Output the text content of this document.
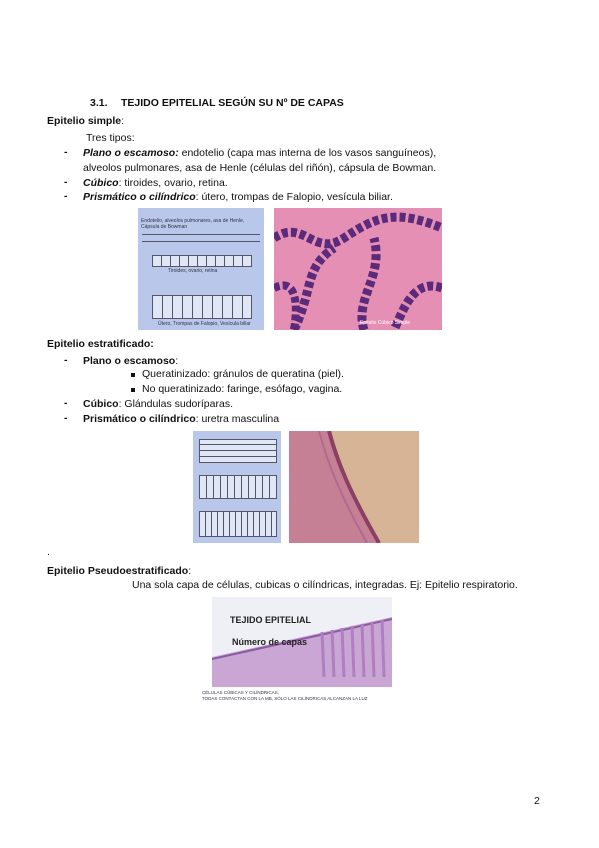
3.1. TEJIDO EPITELIAL SEGÚN SU Nº DE CAPAS
Epitelio simple:
Tres tipos:
- Plano o escamoso: endotelio (capa mas interna de los vasos sanguíneos),
alveolos pulmonares, asa de Henle (células del riñón), cápsula de Bowman.
- Cúbico: tiroides, ovario, retina.
- Prismático o cilíndrico: útero, trompas de Falopio, vesícula biliar.
Endotelio, alveolos pulmonares, asa de Henle, Cápsula de Bowman
Tiroides, ovario, retina
Útero, Trompas de Falopio, Vesícula biliar	Epitelio Cúbico Simple
Epitelio estratificado:
- Plano o escamoso:
Queratinizado: gránulos de queratina (piel).
No queratinizado: faringe, esófago, vagina.
- Cúbico: Glándulas sudoríparas.
- Prismático o cilíndrico: uretra masculina
.
Epitelio Pseudoestratificado:
Una sola capa de células, cubicas o cilíndricas, integradas. Ej: Epitelio respiratorio.
TEJIDO EPITELIAL
Número de capas
CÉLULAS CÚBICAS Y CILÍNDRICAS,
TODAS CONTACTAN CON LA MB, SÓLO LAS CILÍNDRICAS ALCANZAN LA LUZ
2
